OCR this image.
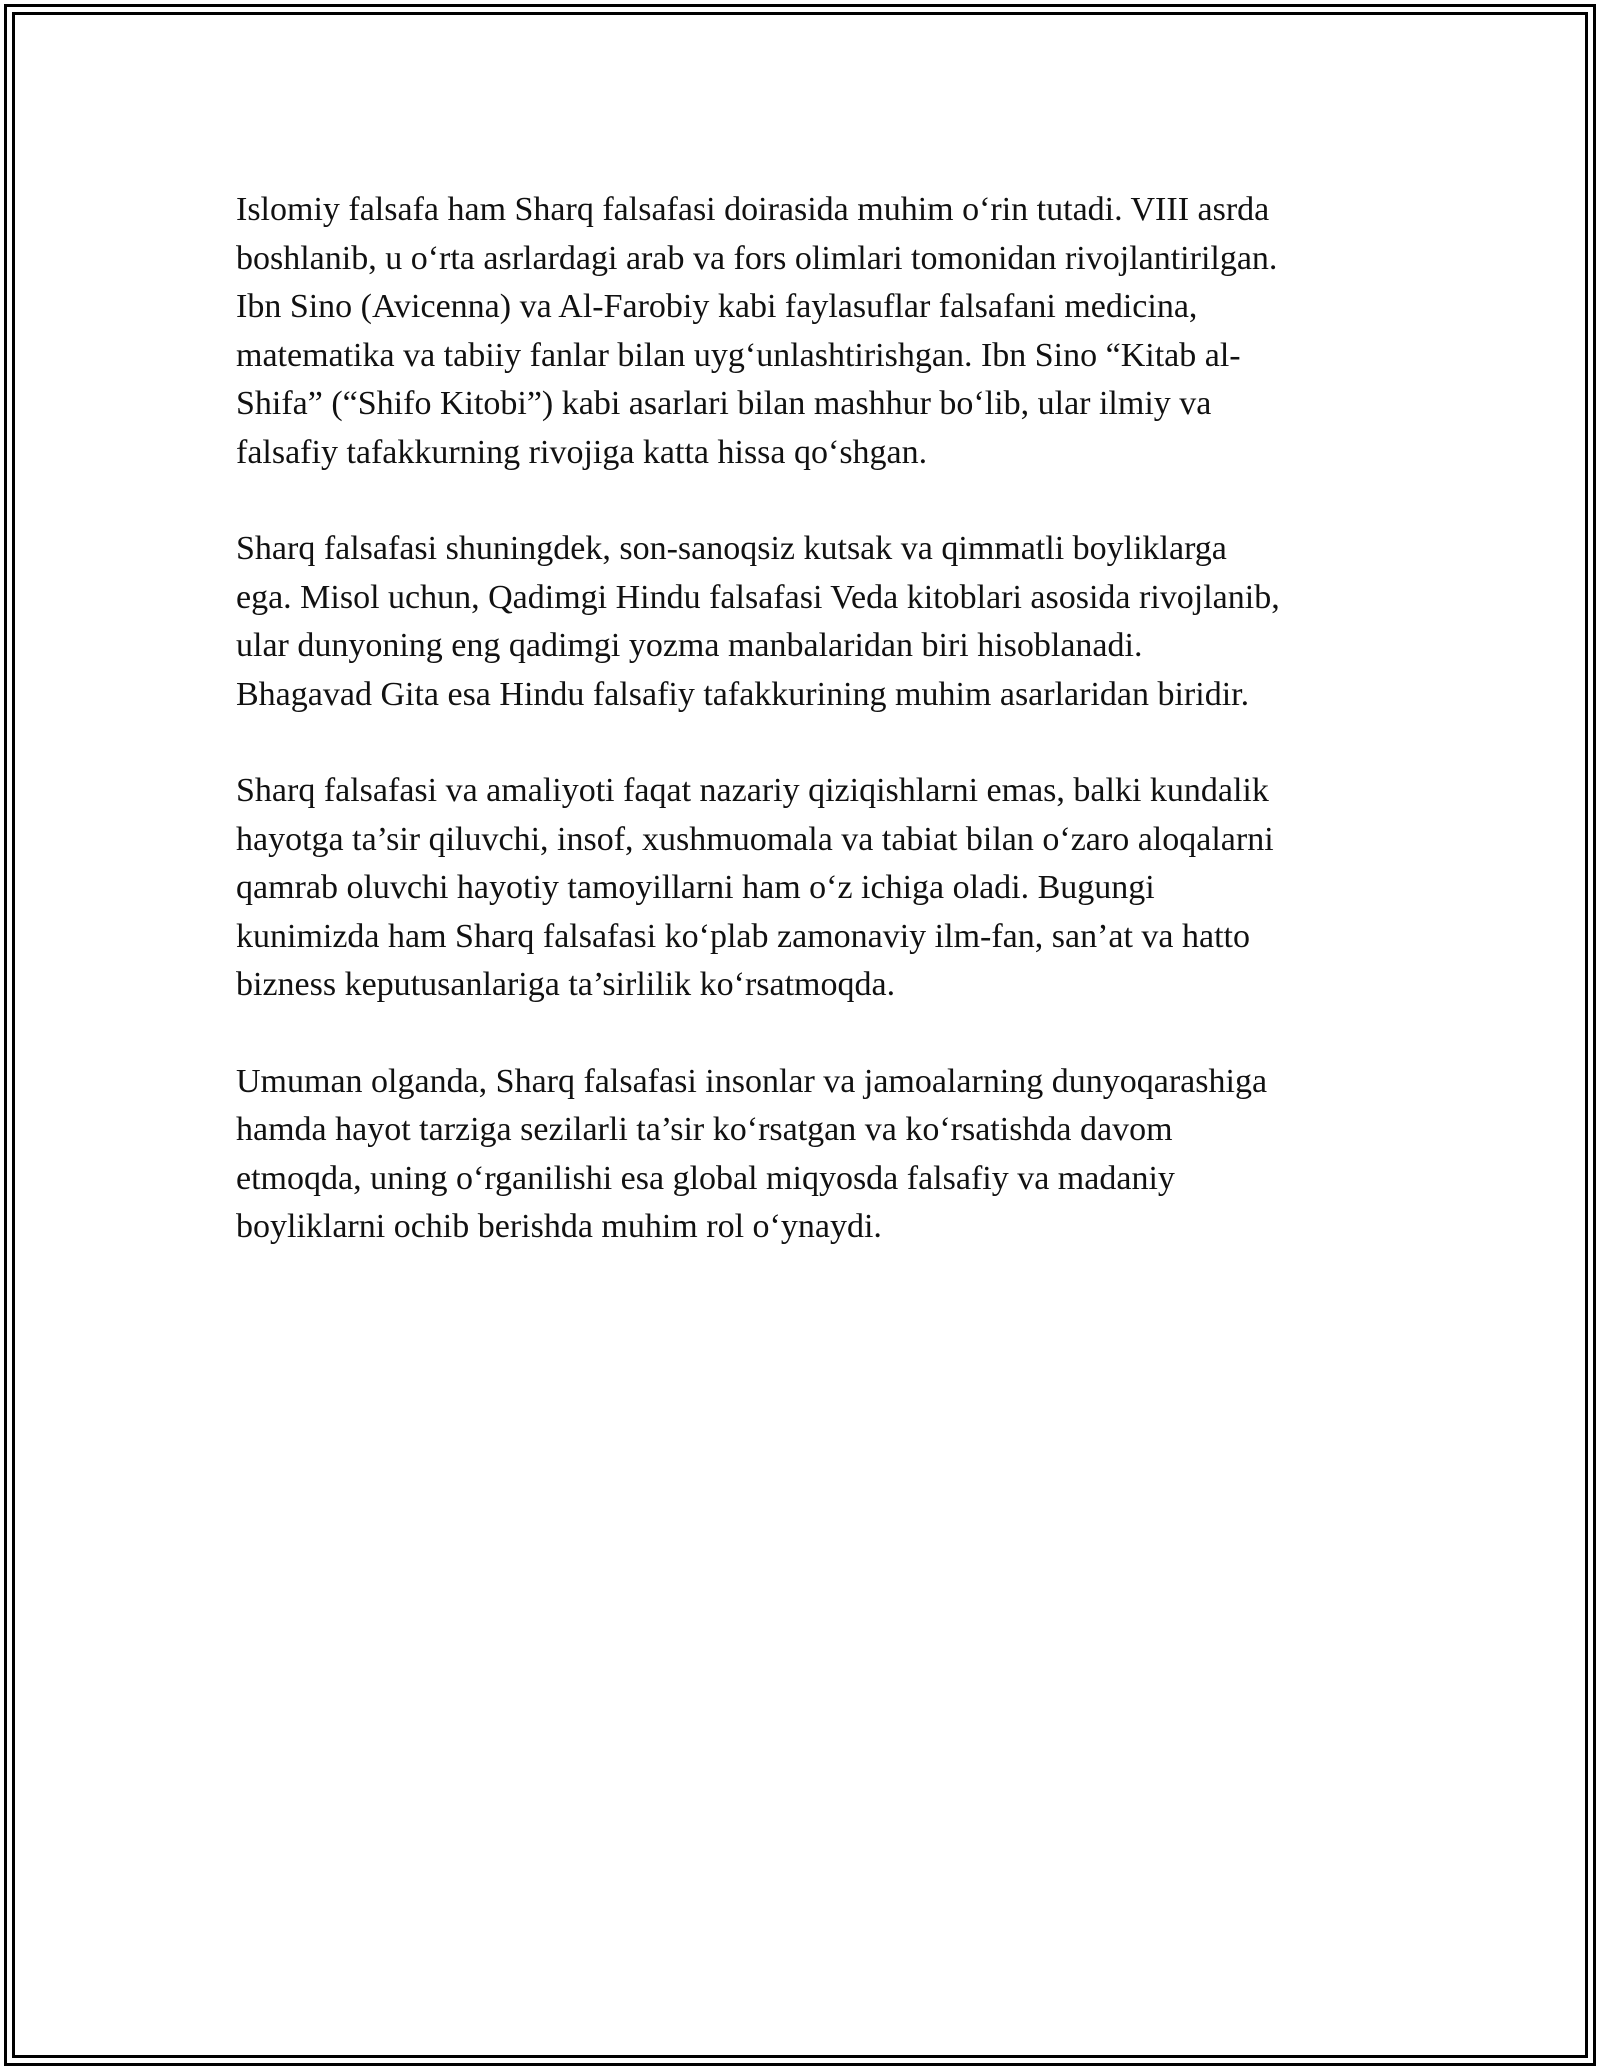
Islomiy falsafa ham Sharq falsafasi doirasida muhim o‘rin tutadi. VIII asrda
boshlanib, u o‘rta asrlardagi arab va fors olimlari tomonidan rivojlantirilgan.
Ibn Sino (Avicenna) va Al-Farobiy kabi faylasuflar falsafani medicina,
matematika va tabiiy fanlar bilan uyg‘unlashtirishgan. Ibn Sino “Kitab al-
Shifa” (“Shifo Kitobi”) kabi asarlari bilan mashhur bo‘lib, ular ilmiy va
falsafiy tafakkurning rivojiga katta hissa qo‘shgan.

Sharq falsafasi shuningdek, son-sanoqsiz kutsak va qimmatli boyliklarga
ega. Misol uchun, Qadimgi Hindu falsafasi Veda kitoblari asosida rivojlanib,
ular dunyoning eng qadimgi yozma manbalaridan biri hisoblanadi.
Bhagavad Gita esa Hindu falsafiy tafakkurining muhim asarlaridan biridir.

Sharq falsafasi va amaliyoti faqat nazariy qiziqishlarni emas, balki kundalik
hayotga ta’sir qiluvchi, insof, xushmuomala va tabiat bilan o‘zaro aloqalarni
qamrab oluvchi hayotiy tamoyillarni ham o‘z ichiga oladi. Bugungi
kunimizda ham Sharq falsafasi ko‘plab zamonaviy ilm-fan, san’at va hatto
bizness keputusanlariga ta’sirlilik ko‘rsatmoqda.

Umuman olganda, Sharq falsafasi insonlar va jamoalarning dunyoqarashiga
hamda hayot tarziga sezilarli ta’sir ko‘rsatgan va ko‘rsatishda davom
etmoqda, uning o‘rganilishi esa global miqyosda falsafiy va madaniy
boyliklarni ochib berishda muhim rol o‘ynaydi.
